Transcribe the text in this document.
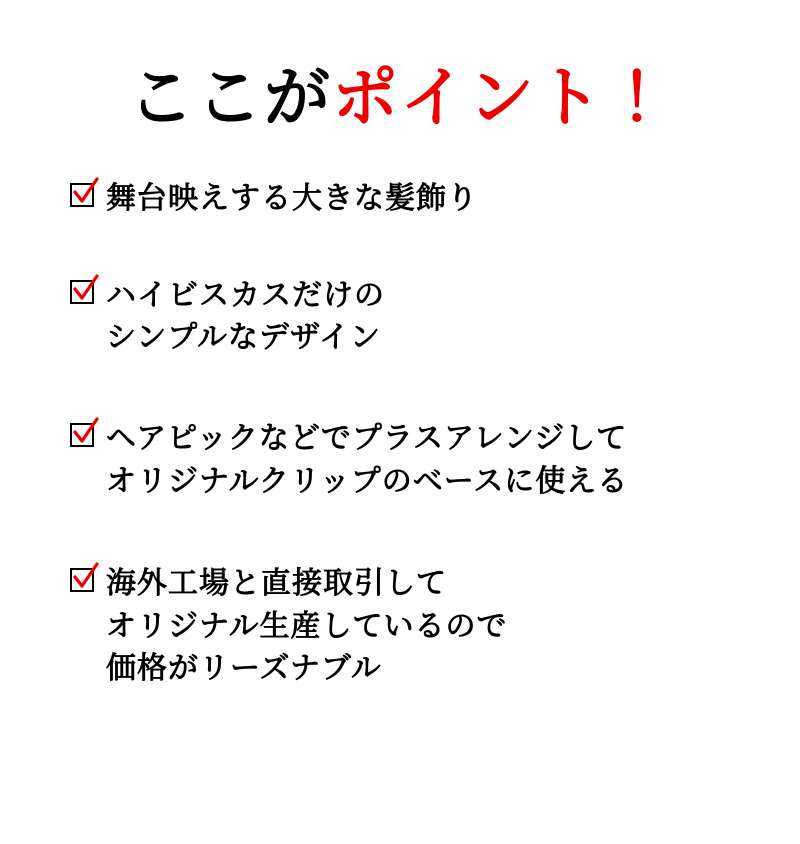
ここがポイント！
舞台映えする大きな髪飾り
ハイビスカスだけの
シンプルなデザイン
ヘアピックなどでプラスアレンジして
オリジナルクリップのベースに使える
海外工場と直接取引して
オリジナル生産しているので
価格がリーズナブル
